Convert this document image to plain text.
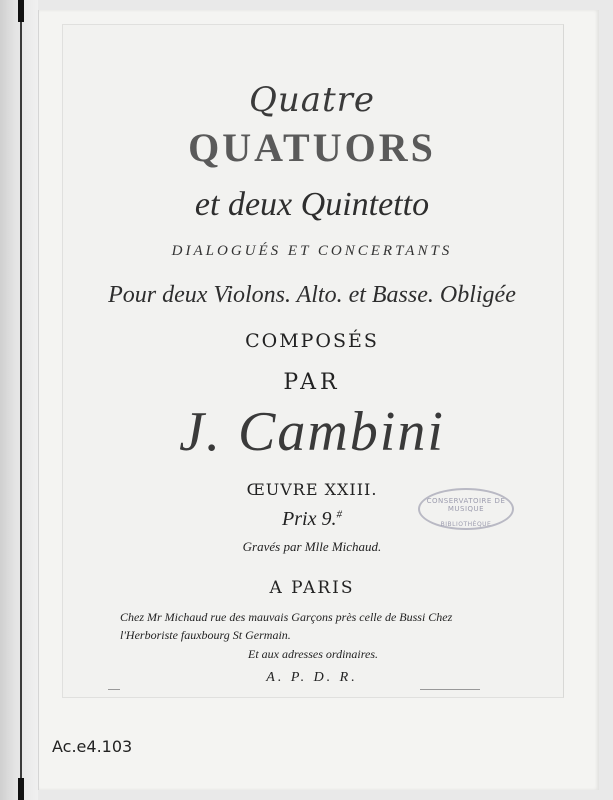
Quatre
QUATUORS
et deux Quintetto
DIALOGUÉS ET CONCERTANTS
Pour deux Violons. Alto. et Basse. Obligée
COMPOSÉS
PAR
J. Cambini
ŒUVRE XXIII.
Prix 9.#
Gravés par Mlle Michaud.
A PARIS
Chez Mr Michaud rue des mauvais Garçons près celle de Bussi Chez
l'Herboriste fauxbourg St Germain.
Et aux adresses ordinaires.
A. P. D. R.
CONSERVATOIRE DE MUSIQUE
BIBLIOTHÈQUE
Ac.e4.103
